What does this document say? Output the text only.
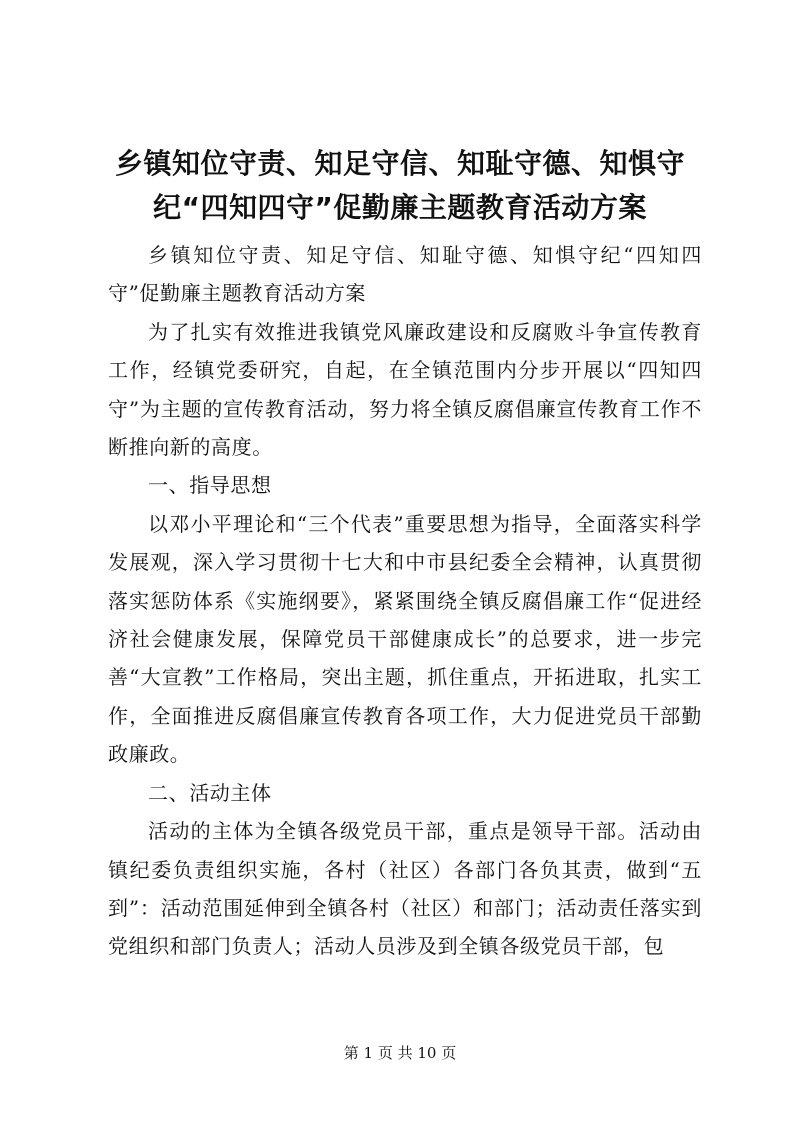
乡镇知位守责、知足守信、知耻守德、知惧守纪“四知四守”促勤廉主题教育活动方案

乡镇知位守责、知足守信、知耻守德、知惧守纪“四知四守”促勤廉主题教育活动方案

为了扎实有效推进我镇党风廉政建设和反腐败斗争宣传教育工作，经镇党委研究，自起，在全镇范围内分步开展以“四知四守”为主题的宣传教育活动，努力将全镇反腐倡廉宣传教育工作不断推向新的高度。

一、指导思想

以邓小平理论和“三个代表”重要思想为指导，全面落实科学发展观，深入学习贯彻十七大和中市县纪委全会精神，认真贯彻落实惩防体系《实施纲要》，紧紧围绕全镇反腐倡廉工作“促进经济社会健康发展，保障党员干部健康成长”的总要求，进一步完善“大宣教”工作格局，突出主题，抓住重点，开拓进取，扎实工作，全面推进反腐倡廉宣传教育各项工作，大力促进党员干部勤政廉政。

二、活动主体

活动的主体为全镇各级党员干部，重点是领导干部。活动由镇纪委负责组织实施，各村（社区）各部门各负其责，做到“五到”：活动范围延伸到全镇各村（社区）和部门；活动责任落实到党组织和部门负责人；活动人员涉及到全镇各级党员干部，包

第 1 页 共 10 页
